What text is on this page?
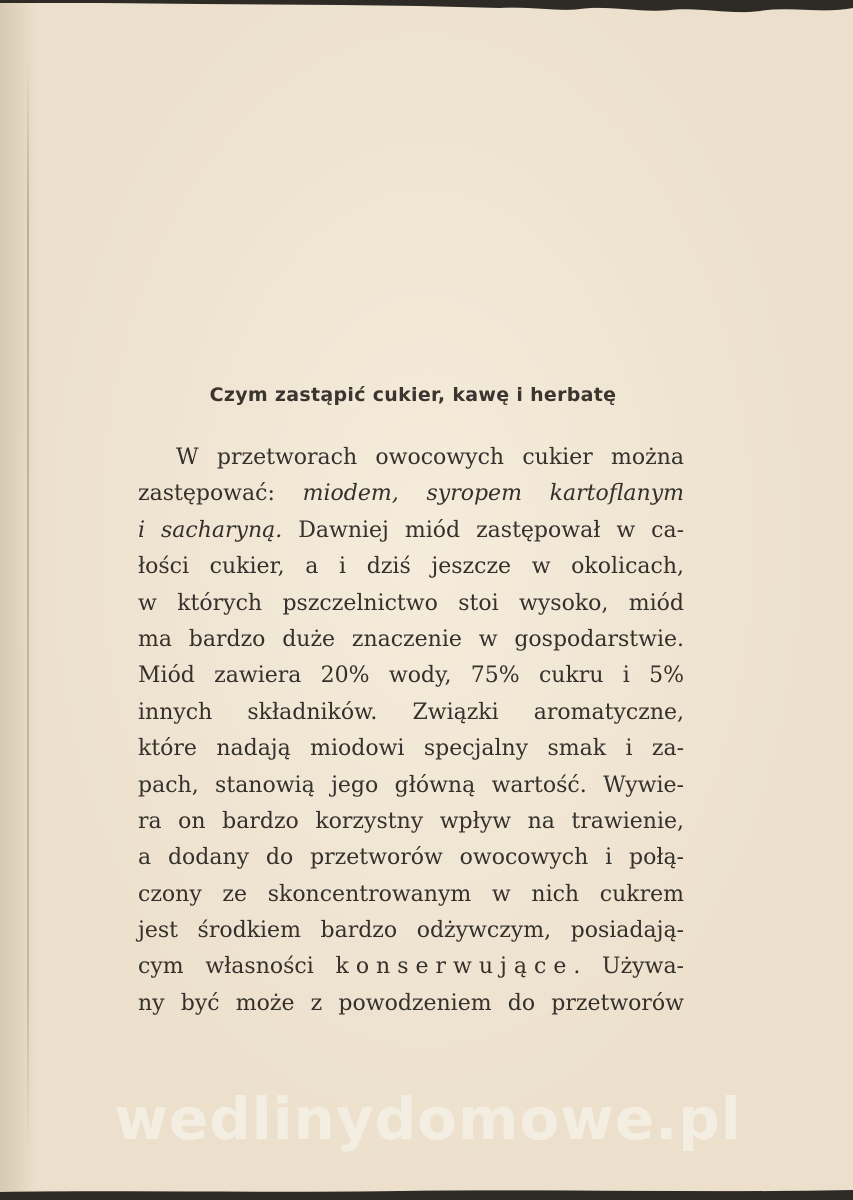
Czym zastąpić cukier, kawę i herbatę
W przetworach owocowych cukier można
zastępować: miodem, syropem kartoflanym
i sacharyną. Dawniej miód zastępował w ca-
łości cukier, a i dziś jeszcze w okolicach,
w których pszczelnictwo stoi wysoko, miód
ma bardzo duże znaczenie w gospodarstwie.
Miód zawiera 20% wody, 75% cukru i 5%
innych składników. Związki aromatyczne,
które nadają miodowi specjalny smak i za-
pach, stanowią jego główną wartość. Wywie-
ra on bardzo korzystny wpływ na trawienie,
a dodany do przetworów owocowych i połą-
czony ze skoncentrowanym w nich cukrem
jest środkiem bardzo odżywczym, posiadają-
cym własności konserwujące. Używa-
ny być może z powodzeniem do przetworów

wedlinydomowe.pl
